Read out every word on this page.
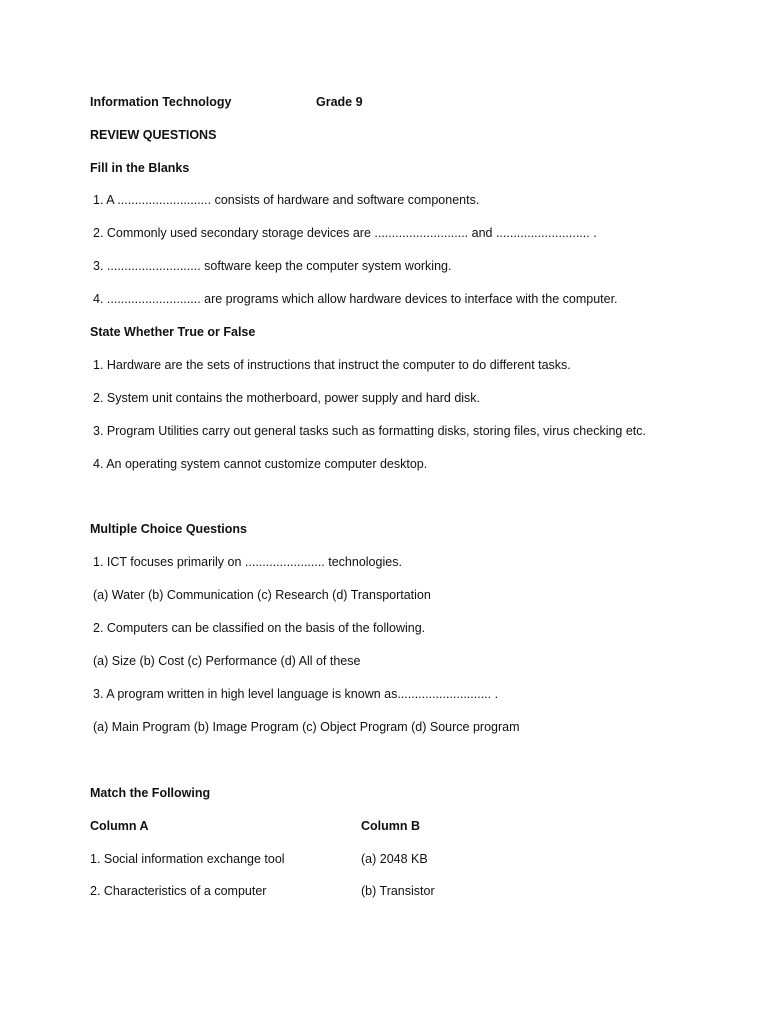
Information Technology	Grade 9
REVIEW QUESTIONS
Fill in the Blanks
1. A ........................... consists of hardware and software components.
2. Commonly used secondary storage devices are ........................... and ........................... .
3. ........................... software keep the computer system working.
4. ........................... are programs which allow hardware devices to interface with the computer.
State Whether True or False
1. Hardware are the sets of instructions that instruct the computer to do different tasks.
2. System unit contains the motherboard, power supply and hard disk.
3. Program Utilities carry out general tasks such as formatting disks, storing files, virus checking etc.
4. An operating system cannot customize computer desktop.
Multiple Choice Questions
1. ICT focuses primarily on ....................... technologies.
(a) Water (b) Communication (c) Research (d) Transportation
2. Computers can be classified on the basis of the following.
(a) Size (b) Cost (c) Performance (d) All of these
3. A program written in high level language is known as........................... .
(a) Main Program (b) Image Program (c) Object Program (d) Source program
Match the Following
Column A	Column B
1. Social information exchange tool	(a) 2048 KB
2. Characteristics of a computer	(b) Transistor
